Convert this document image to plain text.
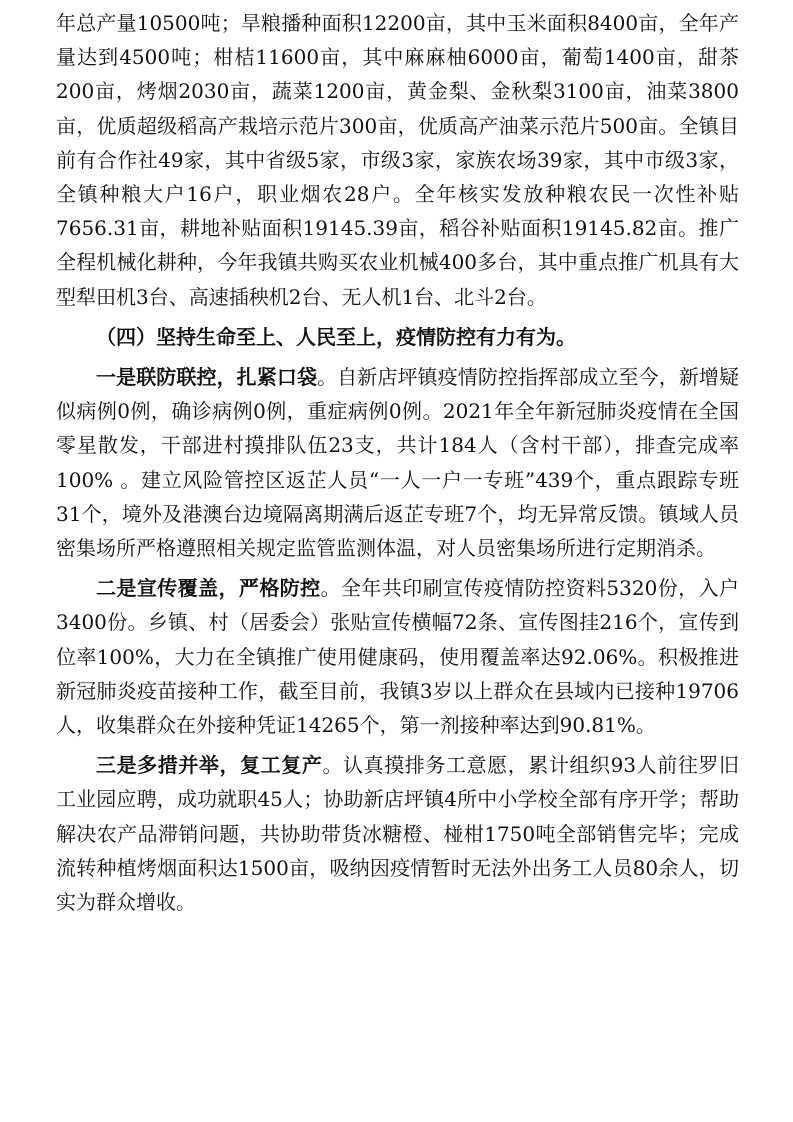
年总产量10500吨；旱粮播种面积12200亩，其中玉米面积8400亩，全年产量达到4500吨；柑桔11600亩，其中麻麻柚6000亩，葡萄1400亩，甜茶200亩，烤烟2030亩，蔬菜1200亩，黄金梨、金秋梨3100亩，油菜3800亩，优质超级稻高产栽培示范片300亩，优质高产油菜示范片500亩。全镇目前有合作社49家，其中省级5家，市级3家，家族农场39家，其中市级3家，全镇种粮大户16户，职业烟农28户。全年核实发放种粮农民一次性补贴7656.31亩，耕地补贴面积19145.39亩，稻谷补贴面积19145.82亩。推广全程机械化耕种，今年我镇共购买农业机械400多台，其中重点推广机具有大型犁田机3台、高速插秧机2台、无人机1台、北斗2台。

（四）坚持生命至上、人民至上，疫情防控有力有为。

一是联防联控，扎紧口袋。自新店坪镇疫情防控指挥部成立至今，新增疑似病例0例，确诊病例0例，重症病例0例。2021年全年新冠肺炎疫情在全国零星散发，干部进村摸排队伍23支，共计184人（含村干部），排查完成率100% 。建立风险管控区返芷人员“一人一户一专班”439个，重点跟踪专班31个，境外及港澳台边境隔离期满后返芷专班7个，均无异常反馈。镇域人员密集场所严格遵照相关规定监管监测体温，对人员密集场所进行定期消杀。

二是宣传覆盖，严格防控。全年共印刷宣传疫情防控资料5320份，入户3400份。乡镇、村（居委会）张贴宣传横幅72条、宣传图挂216个，宣传到位率100%，大力在全镇推广使用健康码，使用覆盖率达92.06%。积极推进新冠肺炎疫苗接种工作，截至目前，我镇3岁以上群众在县域内已接种19706人，收集群众在外接种凭证14265个，第一剂接种率达到90.81%。

三是多措并举，复工复产。认真摸排务工意愿，累计组织93人前往罗旧工业园应聘，成功就职45人；协助新店坪镇4所中小学校全部有序开学；帮助解决农产品滞销问题，共协助带货冰糖橙、椪柑1750吨全部销售完毕；完成流转种植烤烟面积达1500亩，吸纳因疫情暂时无法外出务工人员80余人，切实为群众增收。
